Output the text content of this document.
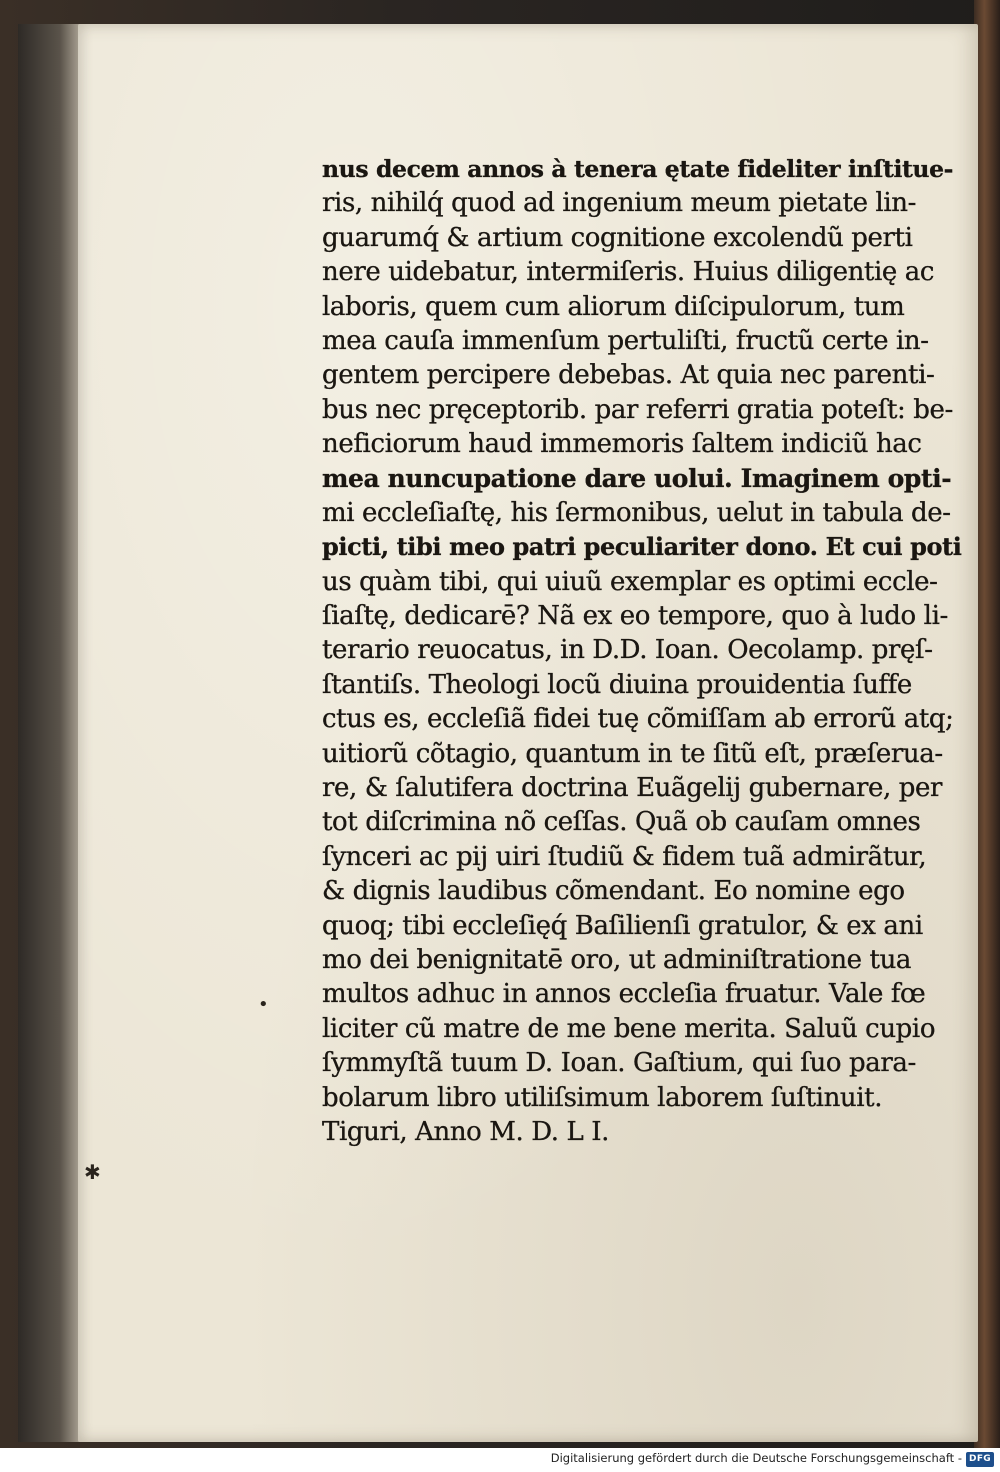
•
✱
nus decem annos à tenera ętate fideliter inſtitue-
ris, nihilq́ quod ad ingenium meum pietate lin-
guarumq́ & artium cognitione excolendũ perti
nere uidebatur, intermiſeris. Huius diligentię ac
laboris, quem cum aliorum diſcipulorum, tum
mea cauſa immenſum pertuliſti, fructũ certe in-
gentem percipere debebas. At quia nec parenti-
bus nec pręceptorib. par referri gratia poteſt: be-
neficiorum haud immemoris ſaltem indiciũ hac
mea nuncupatione dare uolui. Imaginem opti-
mi eccleſiaſtę, his ſermonibus, uelut in tabula de-
picti, tibi meo patri peculiariter dono. Et cui poti
us quàm tibi, qui uiuũ exemplar es optimi eccle-
ſiaſtę, dedicarē? Nã ex eo tempore, quo à ludo li-
terario reuocatus, in D.D. Ioan. Oecolamp. pręſ-
ſtantiſs. Theologi locũ diuina prouidentia ſuffe
ctus es, eccleſiã fidei tuę cõmiſſam ab errorũ atq;
uitiorũ cõtagio, quantum in te ſitũ eſt, præſerua-
re, & ſalutifera doctrina Euãgelij gubernare, per
tot diſcrimina nõ ceſſas. Quã ob cauſam omnes
ſynceri ac pij uiri ſtudiũ & fidem tuã admirãtur,
& dignis laudibus cõmendant. Eo nomine ego
quoq; tibi eccleſięq́ Baſilienſi gratulor, & ex ani
mo dei benignitatē oro, ut adminiſtratione tua
multos adhuc in annos eccleſia fruatur. Vale fœ
liciter cũ matre de me bene merita. Saluũ cupio
ſymmyſtã tuum D. Ioan. Gaſtium, qui ſuo para-
bolarum libro utiliſsimum laborem ſuſtinuit.
Tiguri, Anno M. D. L I.
Digitalisierung gefördert durch die Deutsche Forschungsgemeinschaft - DFG
